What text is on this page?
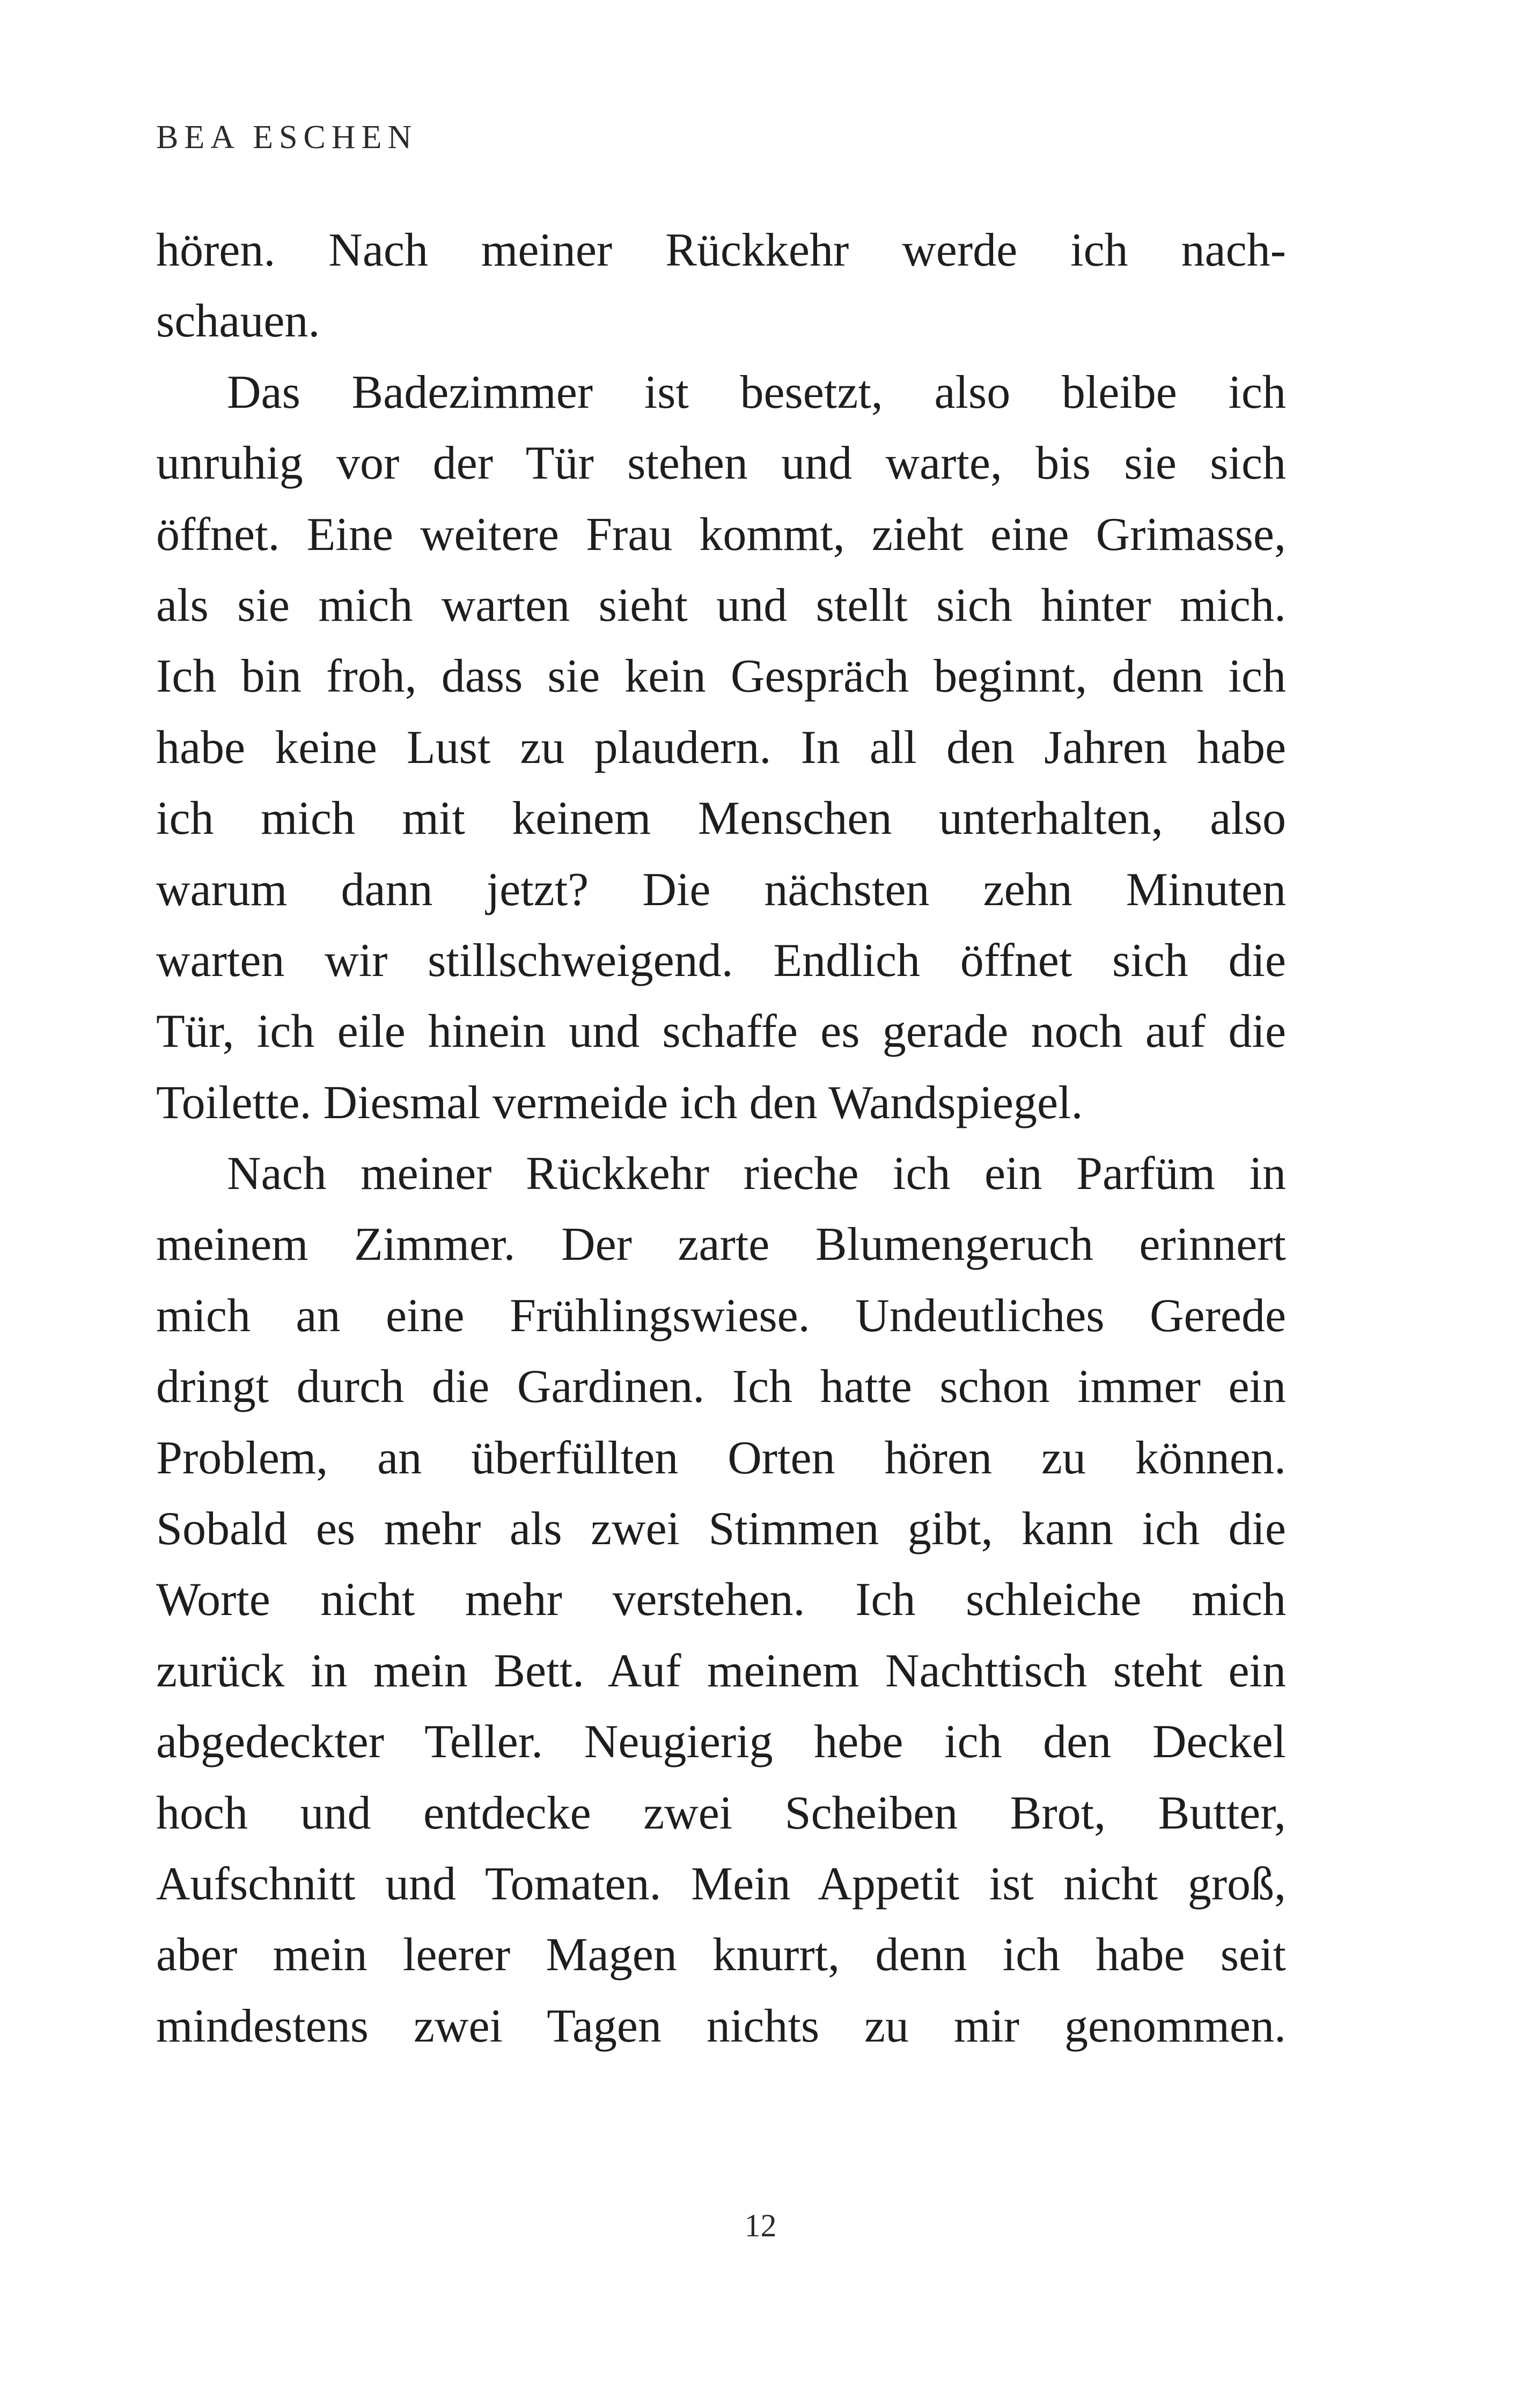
BEA ESCHEN
hören. Nach meiner Rückkehr werde ich nach-
schauen.
Das Badezimmer ist besetzt, also bleibe ich
unruhig vor der Tür stehen und warte, bis sie sich
öffnet. Eine weitere Frau kommt, zieht eine Grimasse,
als sie mich warten sieht und stellt sich hinter mich.
Ich bin froh, dass sie kein Gespräch beginnt, denn ich
habe keine Lust zu plaudern. In all den Jahren habe
ich mich mit keinem Menschen unterhalten, also
warum dann jetzt? Die nächsten zehn Minuten
warten wir stillschweigend. Endlich öffnet sich die
Tür, ich eile hinein und schaffe es gerade noch auf die
Toilette. Diesmal vermeide ich den Wandspiegel.
Nach meiner Rückkehr rieche ich ein Parfüm in
meinem Zimmer. Der zarte Blumengeruch erinnert
mich an eine Frühlingswiese. Undeutliches Gerede
dringt durch die Gardinen. Ich hatte schon immer ein
Problem, an überfüllten Orten hören zu können.
Sobald es mehr als zwei Stimmen gibt, kann ich die
Worte nicht mehr verstehen. Ich schleiche mich
zurück in mein Bett. Auf meinem Nachttisch steht ein
abgedeckter Teller. Neugierig hebe ich den Deckel
hoch und entdecke zwei Scheiben Brot, Butter,
Aufschnitt und Tomaten. Mein Appetit ist nicht groß,
aber mein leerer Magen knurrt, denn ich habe seit
mindestens zwei Tagen nichts zu mir genommen.
12
